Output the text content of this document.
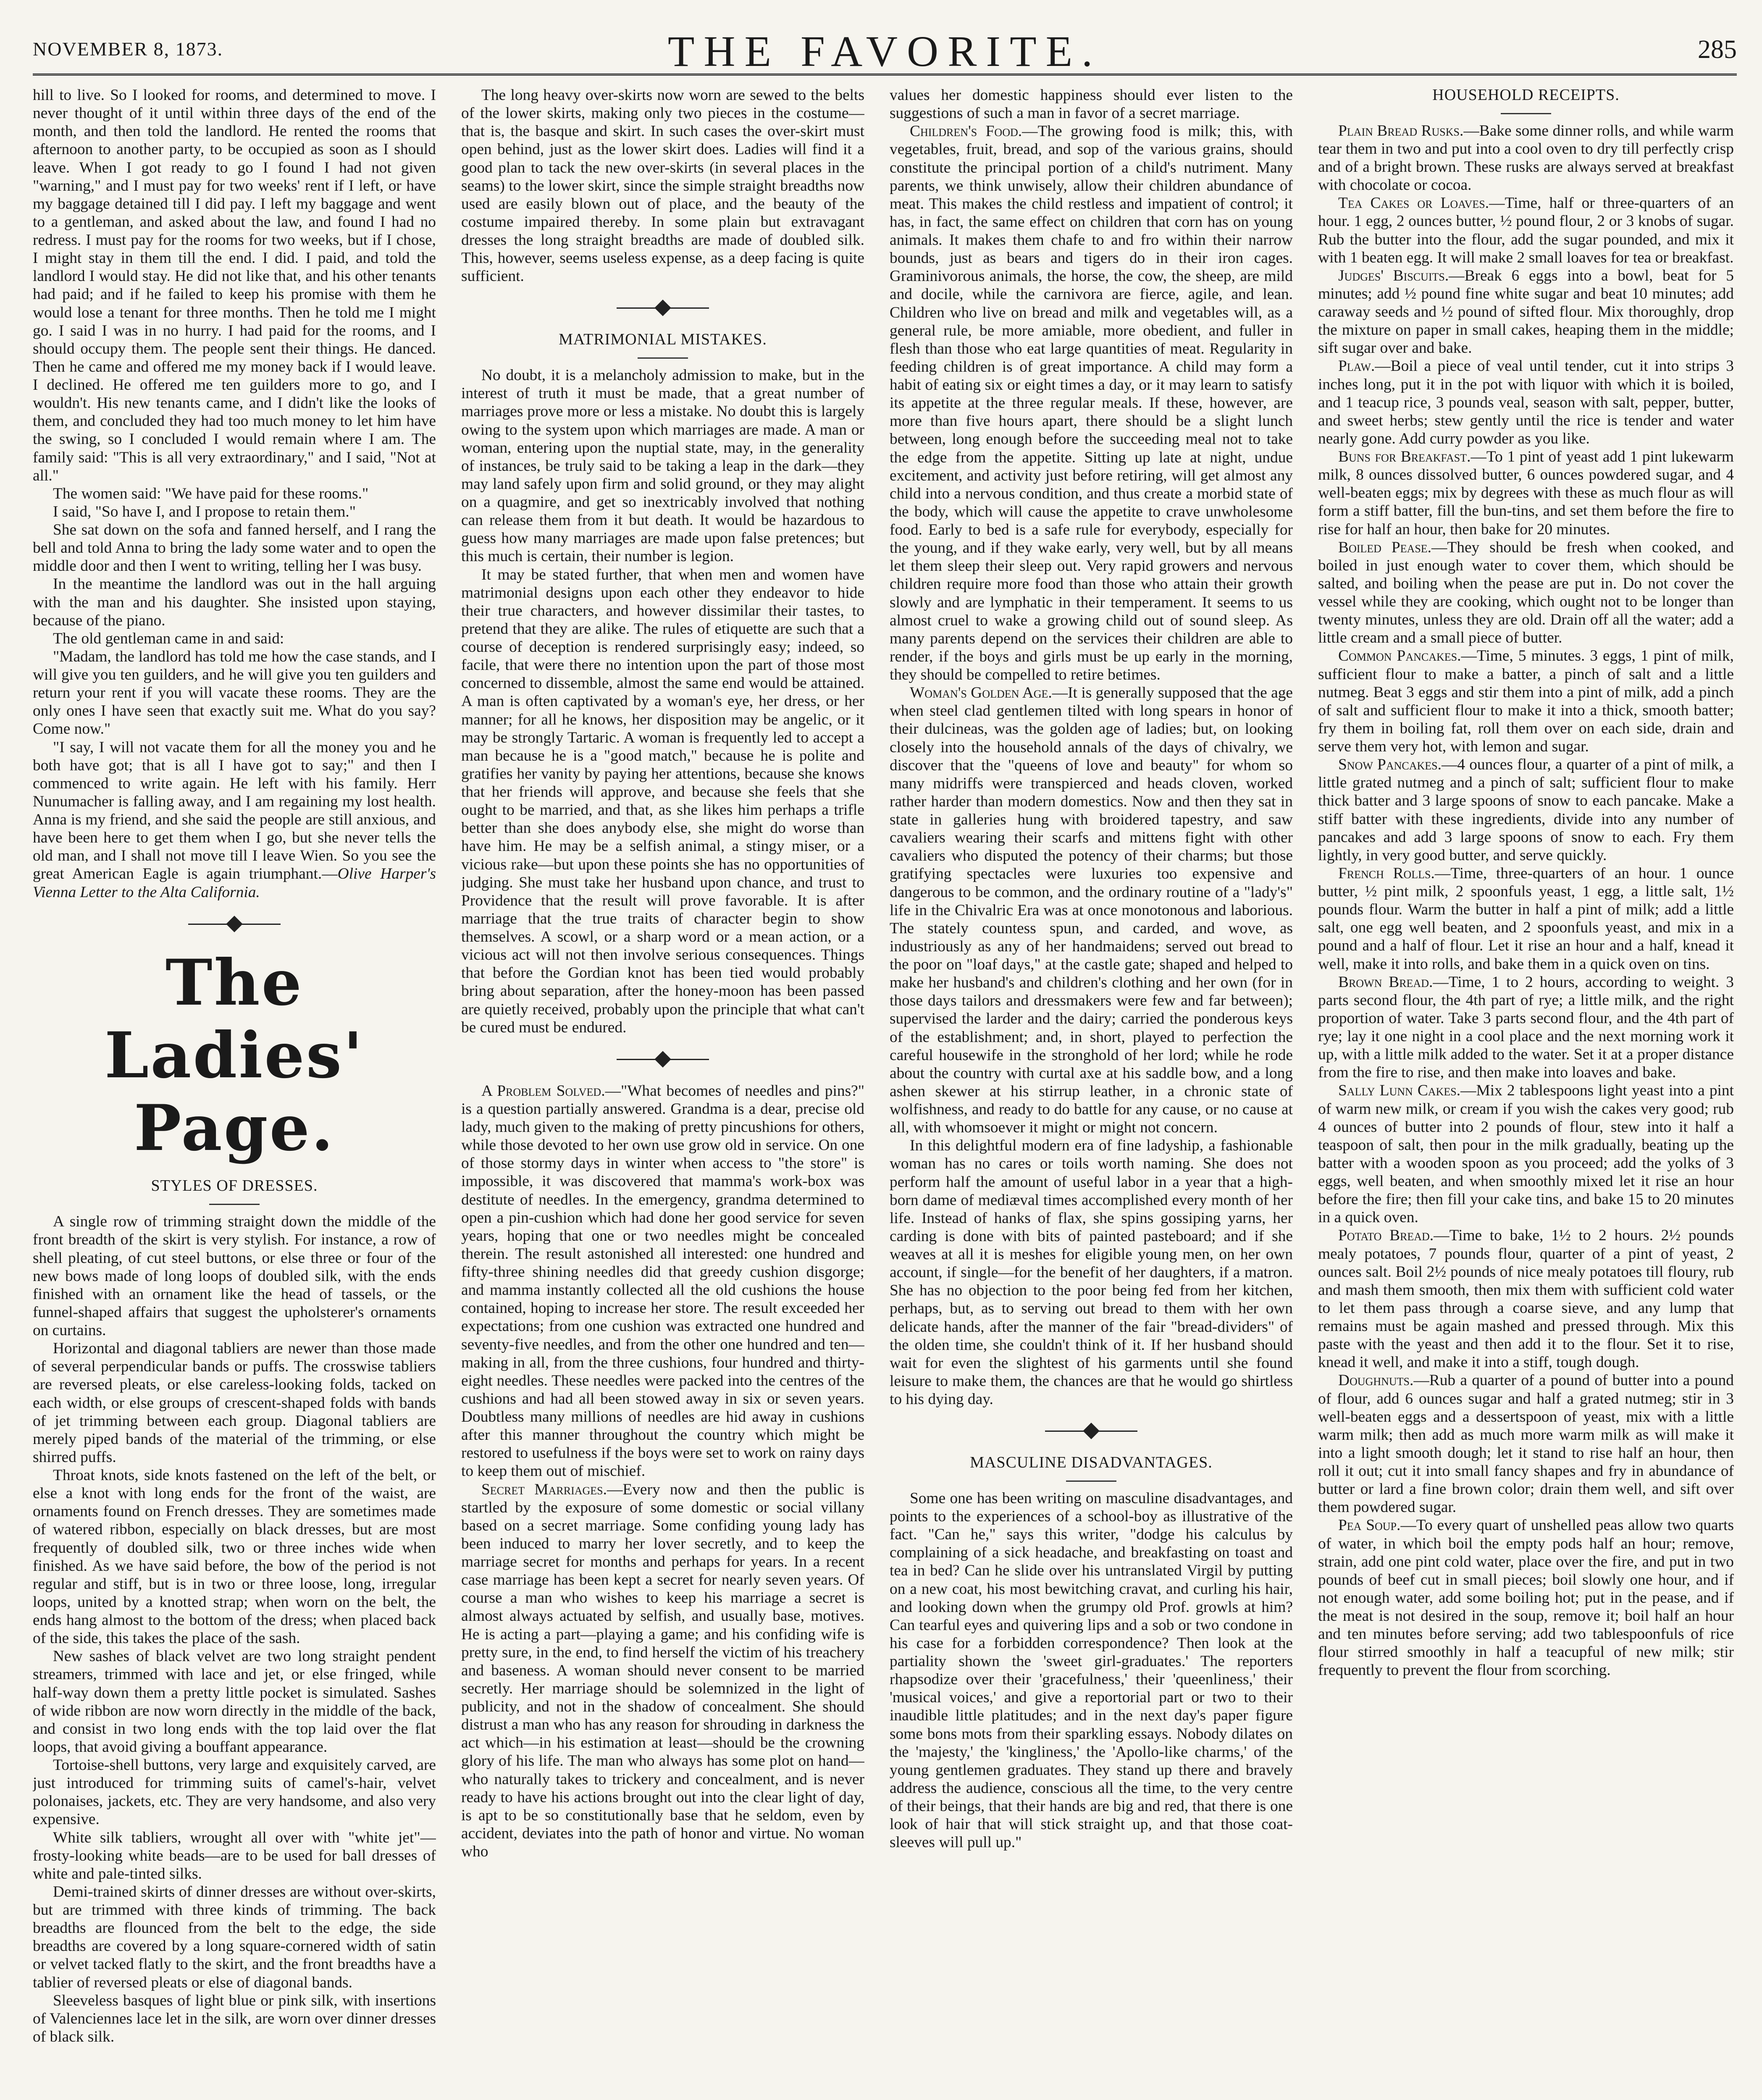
NOVEMBER 8, 1873.	THE FAVORITE.	285

hill to live. So I looked for rooms, and determined to move. I never thought of it until within three days of the end of the month, and then told the landlord. He rented the rooms that afternoon to another party, to be occupied as soon as I should leave. When I got ready to go I found I had not given "warning," and I must pay for two weeks' rent if I left, or have my baggage detained till I did pay. I left my baggage and went to a gentleman, and asked about the law, and found I had no redress. I must pay for the rooms for two weeks, but if I chose, I might stay in them till the end. I did. I paid, and told the landlord I would stay. He did not like that, and his other tenants had paid; and if he failed to keep his promise with them he would lose a tenant for three months. Then he told me I might go. I said I was in no hurry. I had paid for the rooms, and I should occupy them. The people sent their things. He danced. Then he came and offered me my money back if I would leave. I declined. He offered me ten guilders more to go, and I wouldn't. His new tenants came, and I didn't like the looks of them, and concluded they had too much money to let him have the swing, so I concluded I would remain where I am. The family said: "This is all very extraordinary," and I said, "Not at all."

The women said: "We have paid for these rooms."

I said, "So have I, and I propose to retain them."

She sat down on the sofa and fanned herself, and I rang the bell and told Anna to bring the lady some water and to open the middle door and then I went to writing, telling her I was busy.

In the meantime the landlord was out in the hall arguing with the man and his daughter. She insisted upon staying, because of the piano.

The old gentleman came in and said:

"Madam, the landlord has told me how the case stands, and I will give you ten guilders, and he will give you ten guilders and return your rent if you will vacate these rooms. They are the only ones I have seen that exactly suit me. What do you say? Come now."

"I say, I will not vacate them for all the money you and he both have got; that is all I have got to say;" and then I commenced to write again. He left with his family. Herr Nunumacher is falling away, and I am regaining my lost health. Anna is my friend, and she said the people are still anxious, and have been here to get them when I go, but she never tells the old man, and I shall not move till I leave Wien. So you see the great American Eagle is again triumphant.—Olive Harper's Vienna Letter to the Alta California.

The Ladies' Page.
STYLES OF DRESSES.

A single row of trimming straight down the middle of the front breadth of the skirt is very stylish. For instance, a row of shell pleating, of cut steel buttons, or else three or four of the new bows made of long loops of doubled silk, with the ends finished with an ornament like the head of tassels, or the funnel-shaped affairs that suggest the upholsterer's ornaments on curtains.

Horizontal and diagonal tabliers are newer than those made of several perpendicular bands or puffs. The crosswise tabliers are reversed pleats, or else careless-looking folds, tacked on each width, or else groups of crescent-shaped folds with bands of jet trimming between each group. Diagonal tabliers are merely piped bands of the material of the trimming, or else shirred puffs.

Throat knots, side knots fastened on the left of the belt, or else a knot with long ends for the front of the waist, are ornaments found on French dresses. They are sometimes made of watered ribbon, especially on black dresses, but are most frequently of doubled silk, two or three inches wide when finished. As we have said before, the bow of the period is not regular and stiff, but is in two or three loose, long, irregular loops, united by a knotted strap; when worn on the belt, the ends hang almost to the bottom of the dress; when placed back of the side, this takes the place of the sash.

New sashes of black velvet are two long straight pendent streamers, trimmed with lace and jet, or else fringed, while half-way down them a pretty little pocket is simulated. Sashes of wide ribbon are now worn directly in the middle of the back, and consist in two long ends with the top laid over the flat loops, that avoid giving a bouffant appearance.

Tortoise-shell buttons, very large and exquisitely carved, are just introduced for trimming suits of camel's-hair, velvet polonaises, jackets, etc. They are very handsome, and also very expensive.

White silk tabliers, wrought all over with "white jet"—frosty-looking white beads—are to be used for ball dresses of white and pale-tinted silks.

Demi-trained skirts of dinner dresses are without over-skirts, but are trimmed with three kinds of trimming. The back breadths are flounced from the belt to the edge, the side breadths are covered by a long square-cornered width of satin or velvet tacked flatly to the skirt, and the front breadths have a tablier of reversed pleats or else of diagonal bands.

Sleeveless basques of light blue or pink silk, with insertions of Valenciennes lace let in the silk, are worn over dinner dresses of black silk.

The long heavy over-skirts now worn are sewed to the belts of the lower skirts, making only two pieces in the costume—that is, the basque and skirt. In such cases the over-skirt must open behind, just as the lower skirt does. Ladies will find it a good plan to tack the new over-skirts (in several places in the seams) to the lower skirt, since the simple straight breadths now used are easily blown out of place, and the beauty of the costume impaired thereby. In some plain but extravagant dresses the long straight breadths are made of doubled silk. This, however, seems useless expense, as a deep facing is quite sufficient.

MATRIMONIAL MISTAKES.

No doubt, it is a melancholy admission to make, but in the interest of truth it must be made, that a great number of marriages prove more or less a mistake. No doubt this is largely owing to the system upon which marriages are made. A man or woman, entering upon the nuptial state, may, in the generality of instances, be truly said to be taking a leap in the dark—they may land safely upon firm and solid ground, or they may alight on a quagmire, and get so inextricably involved that nothing can release them from it but death. It would be hazardous to guess how many marriages are made upon false pretences; but this much is certain, their number is legion.

It may be stated further, that when men and women have matrimonial designs upon each other they endeavor to hide their true characters, and however dissimilar their tastes, to pretend that they are alike. The rules of etiquette are such that a course of deception is rendered surprisingly easy; indeed, so facile, that were there no intention upon the part of those most concerned to dissemble, almost the same end would be attained. A man is often captivated by a woman's eye, her dress, or her manner; for all he knows, her disposition may be angelic, or it may be strongly Tartaric. A woman is frequently led to accept a man because he is a "good match," because he is polite and gratifies her vanity by paying her attentions, because she knows that her friends will approve, and because she feels that she ought to be married, and that, as she likes him perhaps a trifle better than she does anybody else, she might do worse than have him. He may be a selfish animal, a stingy miser, or a vicious rake—but upon these points she has no opportunities of judging. She must take her husband upon chance, and trust to Providence that the result will prove favorable. It is after marriage that the true traits of character begin to show themselves. A scowl, or a sharp word or a mean action, or a vicious act will not then involve serious consequences. Things that before the Gordian knot has been tied would probably bring about separation, after the honey-moon has been passed are quietly received, probably upon the principle that what can't be cured must be endured.

A Problem Solved.—"What becomes of needles and pins?" is a question partially answered. Grandma is a dear, precise old lady, much given to the making of pretty pincushions for others, while those devoted to her own use grow old in service. On one of those stormy days in winter when access to "the store" is impossible, it was discovered that mamma's work-box was destitute of needles. In the emergency, grandma determined to open a pin-cushion which had done her good service for seven years, hoping that one or two needles might be concealed therein. The result astonished all interested: one hundred and fifty-three shining needles did that greedy cushion disgorge; and mamma instantly collected all the old cushions the house contained, hoping to increase her store. The result exceeded her expectations; from one cushion was extracted one hundred and seventy-five needles, and from the other one hundred and ten—making in all, from the three cushions, four hundred and thirty-eight needles. These needles were packed into the centres of the cushions and had all been stowed away in six or seven years. Doubtless many millions of needles are hid away in cushions after this manner throughout the country which might be restored to usefulness if the boys were set to work on rainy days to keep them out of mischief.

Secret Marriages.—Every now and then the public is startled by the exposure of some domestic or social villany based on a secret marriage. Some confiding young lady has been induced to marry her lover secretly, and to keep the marriage secret for months and perhaps for years. In a recent case marriage has been kept a secret for nearly seven years. Of course a man who wishes to keep his marriage a secret is almost always actuated by selfish, and usually base, motives. He is acting a part—playing a game; and his confiding wife is pretty sure, in the end, to find herself the victim of his treachery and baseness. A woman should never consent to be married secretly. Her marriage should be solemnized in the light of publicity, and not in the shadow of concealment. She should distrust a man who has any reason for shrouding in darkness the act which—in his estimation at least—should be the crowning glory of his life. The man who always has some plot on hand—who naturally takes to trickery and concealment, and is never ready to have his actions brought out into the clear light of day, is apt to be so constitutionally base that he seldom, even by accident, deviates into the path of honor and virtue. No woman who

values her domestic happiness should ever listen to the suggestions of such a man in favor of a secret marriage.

Children's Food.—The growing food is milk; this, with vegetables, fruit, bread, and sop of the various grains, should constitute the principal portion of a child's nutriment. Many parents, we think unwisely, allow their children abundance of meat. This makes the child restless and impatient of control; it has, in fact, the same effect on children that corn has on young animals. It makes them chafe to and fro within their narrow bounds, just as bears and tigers do in their iron cages. Graminivorous animals, the horse, the cow, the sheep, are mild and docile, while the carnivora are fierce, agile, and lean. Children who live on bread and milk and vegetables will, as a general rule, be more amiable, more obedient, and fuller in flesh than those who eat large quantities of meat. Regularity in feeding children is of great importance. A child may form a habit of eating six or eight times a day, or it may learn to satisfy its appetite at the three regular meals. If these, however, are more than five hours apart, there should be a slight lunch between, long enough before the succeeding meal not to take the edge from the appetite. Sitting up late at night, undue excitement, and activity just before retiring, will get almost any child into a nervous condition, and thus create a morbid state of the body, which will cause the appetite to crave unwholesome food. Early to bed is a safe rule for everybody, especially for the young, and if they wake early, very well, but by all means let them sleep their sleep out. Very rapid growers and nervous children require more food than those who attain their growth slowly and are lymphatic in their temperament. It seems to us almost cruel to wake a growing child out of sound sleep. As many parents depend on the services their children are able to render, if the boys and girls must be up early in the morning, they should be compelled to retire betimes.

Woman's Golden Age.—It is generally supposed that the age when steel clad gentlemen tilted with long spears in honor of their dulcineas, was the golden age of ladies; but, on looking closely into the household annals of the days of chivalry, we discover that the "queens of love and beauty" for whom so many midriffs were transpierced and heads cloven, worked rather harder than modern domestics. Now and then they sat in state in galleries hung with broidered tapestry, and saw cavaliers wearing their scarfs and mittens fight with other cavaliers who disputed the potency of their charms; but those gratifying spectacles were luxuries too expensive and dangerous to be common, and the ordinary routine of a "lady's" life in the Chivalric Era was at once monotonous and laborious. The stately countess spun, and carded, and wove, as industriously as any of her handmaidens; served out bread to the poor on "loaf days," at the castle gate; shaped and helped to make her husband's and children's clothing and her own (for in those days tailors and dressmakers were few and far between); supervised the larder and the dairy; carried the ponderous keys of the establishment; and, in short, played to perfection the careful housewife in the stronghold of her lord; while he rode about the country with curtal axe at his saddle bow, and a long ashen skewer at his stirrup leather, in a chronic state of wolfishness, and ready to do battle for any cause, or no cause at all, with whomsoever it might or might not concern.

In this delightful modern era of fine ladyship, a fashionable woman has no cares or toils worth naming. She does not perform half the amount of useful labor in a year that a high-born dame of mediæval times accomplished every month of her life. Instead of hanks of flax, she spins gossiping yarns, her carding is done with bits of painted pasteboard; and if she weaves at all it is meshes for eligible young men, on her own account, if single—for the benefit of her daughters, if a matron. She has no objection to the poor being fed from her kitchen, perhaps, but, as to serving out bread to them with her own delicate hands, after the manner of the fair "bread-dividers" of the olden time, she couldn't think of it. If her husband should wait for even the slightest of his garments until she found leisure to make them, the chances are that he would go shirtless to his dying day.

MASCULINE DISADVANTAGES.

Some one has been writing on masculine disadvantages, and points to the experiences of a school-boy as illustrative of the fact. "Can he," says this writer, "dodge his calculus by complaining of a sick headache, and breakfasting on toast and tea in bed? Can he slide over his untranslated Virgil by putting on a new coat, his most bewitching cravat, and curling his hair, and looking down when the grumpy old Prof. growls at him? Can tearful eyes and quivering lips and a sob or two condone in his case for a forbidden correspondence? Then look at the partiality shown the 'sweet girl-graduates.' The reporters rhapsodize over their 'gracefulness,' their 'queenliness,' their 'musical voices,' and give a reportorial part or two to their inaudible little platitudes; and in the next day's paper figure some bons mots from their sparkling essays. Nobody dilates on the 'majesty,' the 'kingliness,' the 'Apollo-like charms,' of the young gentlemen graduates. They stand up there and bravely address the audience, conscious all the time, to the very centre of their beings, that their hands are big and red, that there is one look of hair that will stick straight up, and that those coat-sleeves will pull up."

HOUSEHOLD RECEIPTS.

Plain Bread Rusks.—Bake some dinner rolls, and while warm tear them in two and put into a cool oven to dry till perfectly crisp and of a bright brown. These rusks are always served at breakfast with chocolate or cocoa.

Tea Cakes or Loaves.—Time, half or three-quarters of an hour. 1 egg, 2 ounces butter, ½ pound flour, 2 or 3 knobs of sugar. Rub the butter into the flour, add the sugar pounded, and mix it with 1 beaten egg. It will make 2 small loaves for tea or breakfast.

Judges' Biscuits.—Break 6 eggs into a bowl, beat for 5 minutes; add ½ pound fine white sugar and beat 10 minutes; add caraway seeds and ½ pound of sifted flour. Mix thoroughly, drop the mixture on paper in small cakes, heaping them in the middle; sift sugar over and bake.

Plaw.—Boil a piece of veal until tender, cut it into strips 3 inches long, put it in the pot with liquor with which it is boiled, and 1 teacup rice, 3 pounds veal, season with salt, pepper, butter, and sweet herbs; stew gently until the rice is tender and water nearly gone. Add curry powder as you like.

Buns for Breakfast.—To 1 pint of yeast add 1 pint lukewarm milk, 8 ounces dissolved butter, 6 ounces powdered sugar, and 4 well-beaten eggs; mix by degrees with these as much flour as will form a stiff batter, fill the bun-tins, and set them before the fire to rise for half an hour, then bake for 20 minutes.

Boiled Pease.—They should be fresh when cooked, and boiled in just enough water to cover them, which should be salted, and boiling when the pease are put in. Do not cover the vessel while they are cooking, which ought not to be longer than twenty minutes, unless they are old. Drain off all the water; add a little cream and a small piece of butter.

Common Pancakes.—Time, 5 minutes. 3 eggs, 1 pint of milk, sufficient flour to make a batter, a pinch of salt and a little nutmeg. Beat 3 eggs and stir them into a pint of milk, add a pinch of salt and sufficient flour to make it into a thick, smooth batter; fry them in boiling fat, roll them over on each side, drain and serve them very hot, with lemon and sugar.

Snow Pancakes.—4 ounces flour, a quarter of a pint of milk, a little grated nutmeg and a pinch of salt; sufficient flour to make thick batter and 3 large spoons of snow to each pancake. Make a stiff batter with these ingredients, divide into any number of pancakes and add 3 large spoons of snow to each. Fry them lightly, in very good butter, and serve quickly.

French Rolls.—Time, three-quarters of an hour. 1 ounce butter, ½ pint milk, 2 spoonfuls yeast, 1 egg, a little salt, 1½ pounds flour. Warm the butter in half a pint of milk; add a little salt, one egg well beaten, and 2 spoonfuls yeast, and mix in a pound and a half of flour. Let it rise an hour and a half, knead it well, make it into rolls, and bake them in a quick oven on tins.

Brown Bread.—Time, 1 to 2 hours, according to weight. 3 parts second flour, the 4th part of rye; a little milk, and the right proportion of water. Take 3 parts second flour, and the 4th part of rye; lay it one night in a cool place and the next morning work it up, with a little milk added to the water. Set it at a proper distance from the fire to rise, and then make into loaves and bake.

Sally Lunn Cakes.—Mix 2 tablespoons light yeast into a pint of warm new milk, or cream if you wish the cakes very good; rub 4 ounces of butter into 2 pounds of flour, stew into it half a teaspoon of salt, then pour in the milk gradually, beating up the batter with a wooden spoon as you proceed; add the yolks of 3 eggs, well beaten, and when smoothly mixed let it rise an hour before the fire; then fill your cake tins, and bake 15 to 20 minutes in a quick oven.

Potato Bread.—Time to bake, 1½ to 2 hours. 2½ pounds mealy potatoes, 7 pounds flour, quarter of a pint of yeast, 2 ounces salt. Boil 2½ pounds of nice mealy potatoes till floury, rub and mash them smooth, then mix them with sufficient cold water to let them pass through a coarse sieve, and any lump that remains must be again mashed and pressed through. Mix this paste with the yeast and then add it to the flour. Set it to rise, knead it well, and make it into a stiff, tough dough.

Doughnuts.—Rub a quarter of a pound of butter into a pound of flour, add 6 ounces sugar and half a grated nutmeg; stir in 3 well-beaten eggs and a dessertspoon of yeast, mix with a little warm milk; then add as much more warm milk as will make it into a light smooth dough; let it stand to rise half an hour, then roll it out; cut it into small fancy shapes and fry in abundance of butter or lard a fine brown color; drain them well, and sift over them powdered sugar.

Pea Soup.—To every quart of unshelled peas allow two quarts of water, in which boil the empty pods half an hour; remove, strain, add one pint cold water, place over the fire, and put in two pounds of beef cut in small pieces; boil slowly one hour, and if not enough water, add some boiling hot; put in the pease, and if the meat is not desired in the soup, remove it; boil half an hour and ten minutes before serving; add two tablespoonfuls of rice flour stirred smoothly in half a teacupful of new milk; stir frequently to prevent the flour from scorching.
